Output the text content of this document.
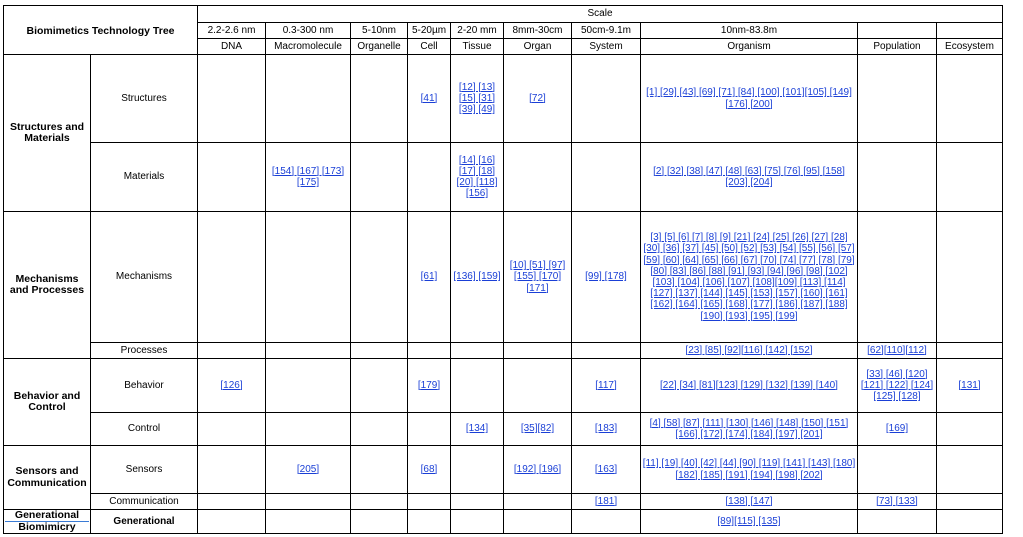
Biomimetics Technology Tree		Scale									
		2.2-2.6 nm	0.3-300 nm	5-10nm	5-20µm	2-20 mm	8mm-30cm	50cm-9.1m	10nm-83.8m		
		DNA	Macromolecule	Organelle	Cell	Tissue	Organ	System	Organism	Population	Ecosystem
Structures and Materials	Structures				[41]	[12] [13] [15] [31] [39] [49]	[72]		[1] [29] [43] [69] [71] [84] [100] [101][105] [149] [176] [200]		
	Materials		[154] [167] [173] [175]			[14] [16] [17] [18] [20] [118] [156]			[2] [32] [38] [47] [48] [63] [75] [76] [95] [158] [203] [204]		
Mechanisms and Processes	Mechanisms				[61]	[136] [159]	[10] [51] [97] [155] [170] [171]	[99] [178]	[3] [5] [6] [7] [8] [9] [21] [24] [25] [26] [27] [28] [30] [36] [37] [45] [50] [52] [53] [54] [55] [56] [57] [59] [60] [64] [65] [66] [67] [70] [74] [77] [78] [79] [80] [83] [86] [88] [91] [93] [94] [96] [98] [102] [103] [104] [106] [107] [108][109] [113] [114] [127] [137] [144] [145] [153] [157] [160] [161] [162] [164] [165] [168] [177] [186] [187] [188] [190] [193] [195] [199]		
	Processes								[23] [85] [92][116] [142] [152]	[62][110][112]	
Behavior and Control	Behavior	[126]			[179]			[117]	[22] [34] [81][123] [129] [132] [139] [140]	[33] [46] [120] [121] [122] [124] [125] [128]	[131]
	Control					[134]	[35][82]	[183]	[4] [58] [87] [111] [130] [146] [148] [150] [151] [166] [172] [174] [184] [197] [201]	[169]	
Sensors and Communication	Sensors		[205]		[68]		[192] [196]	[163]	[11] [19] [40] [42] [44] [90] [119] [141] [143] [180] [182] [185] [191] [194] [198] [202]		
	Communication							[181]	[138] [147]	[73] [133]	

Generational
Biomimicry	Generational								[89][115] [135]		
